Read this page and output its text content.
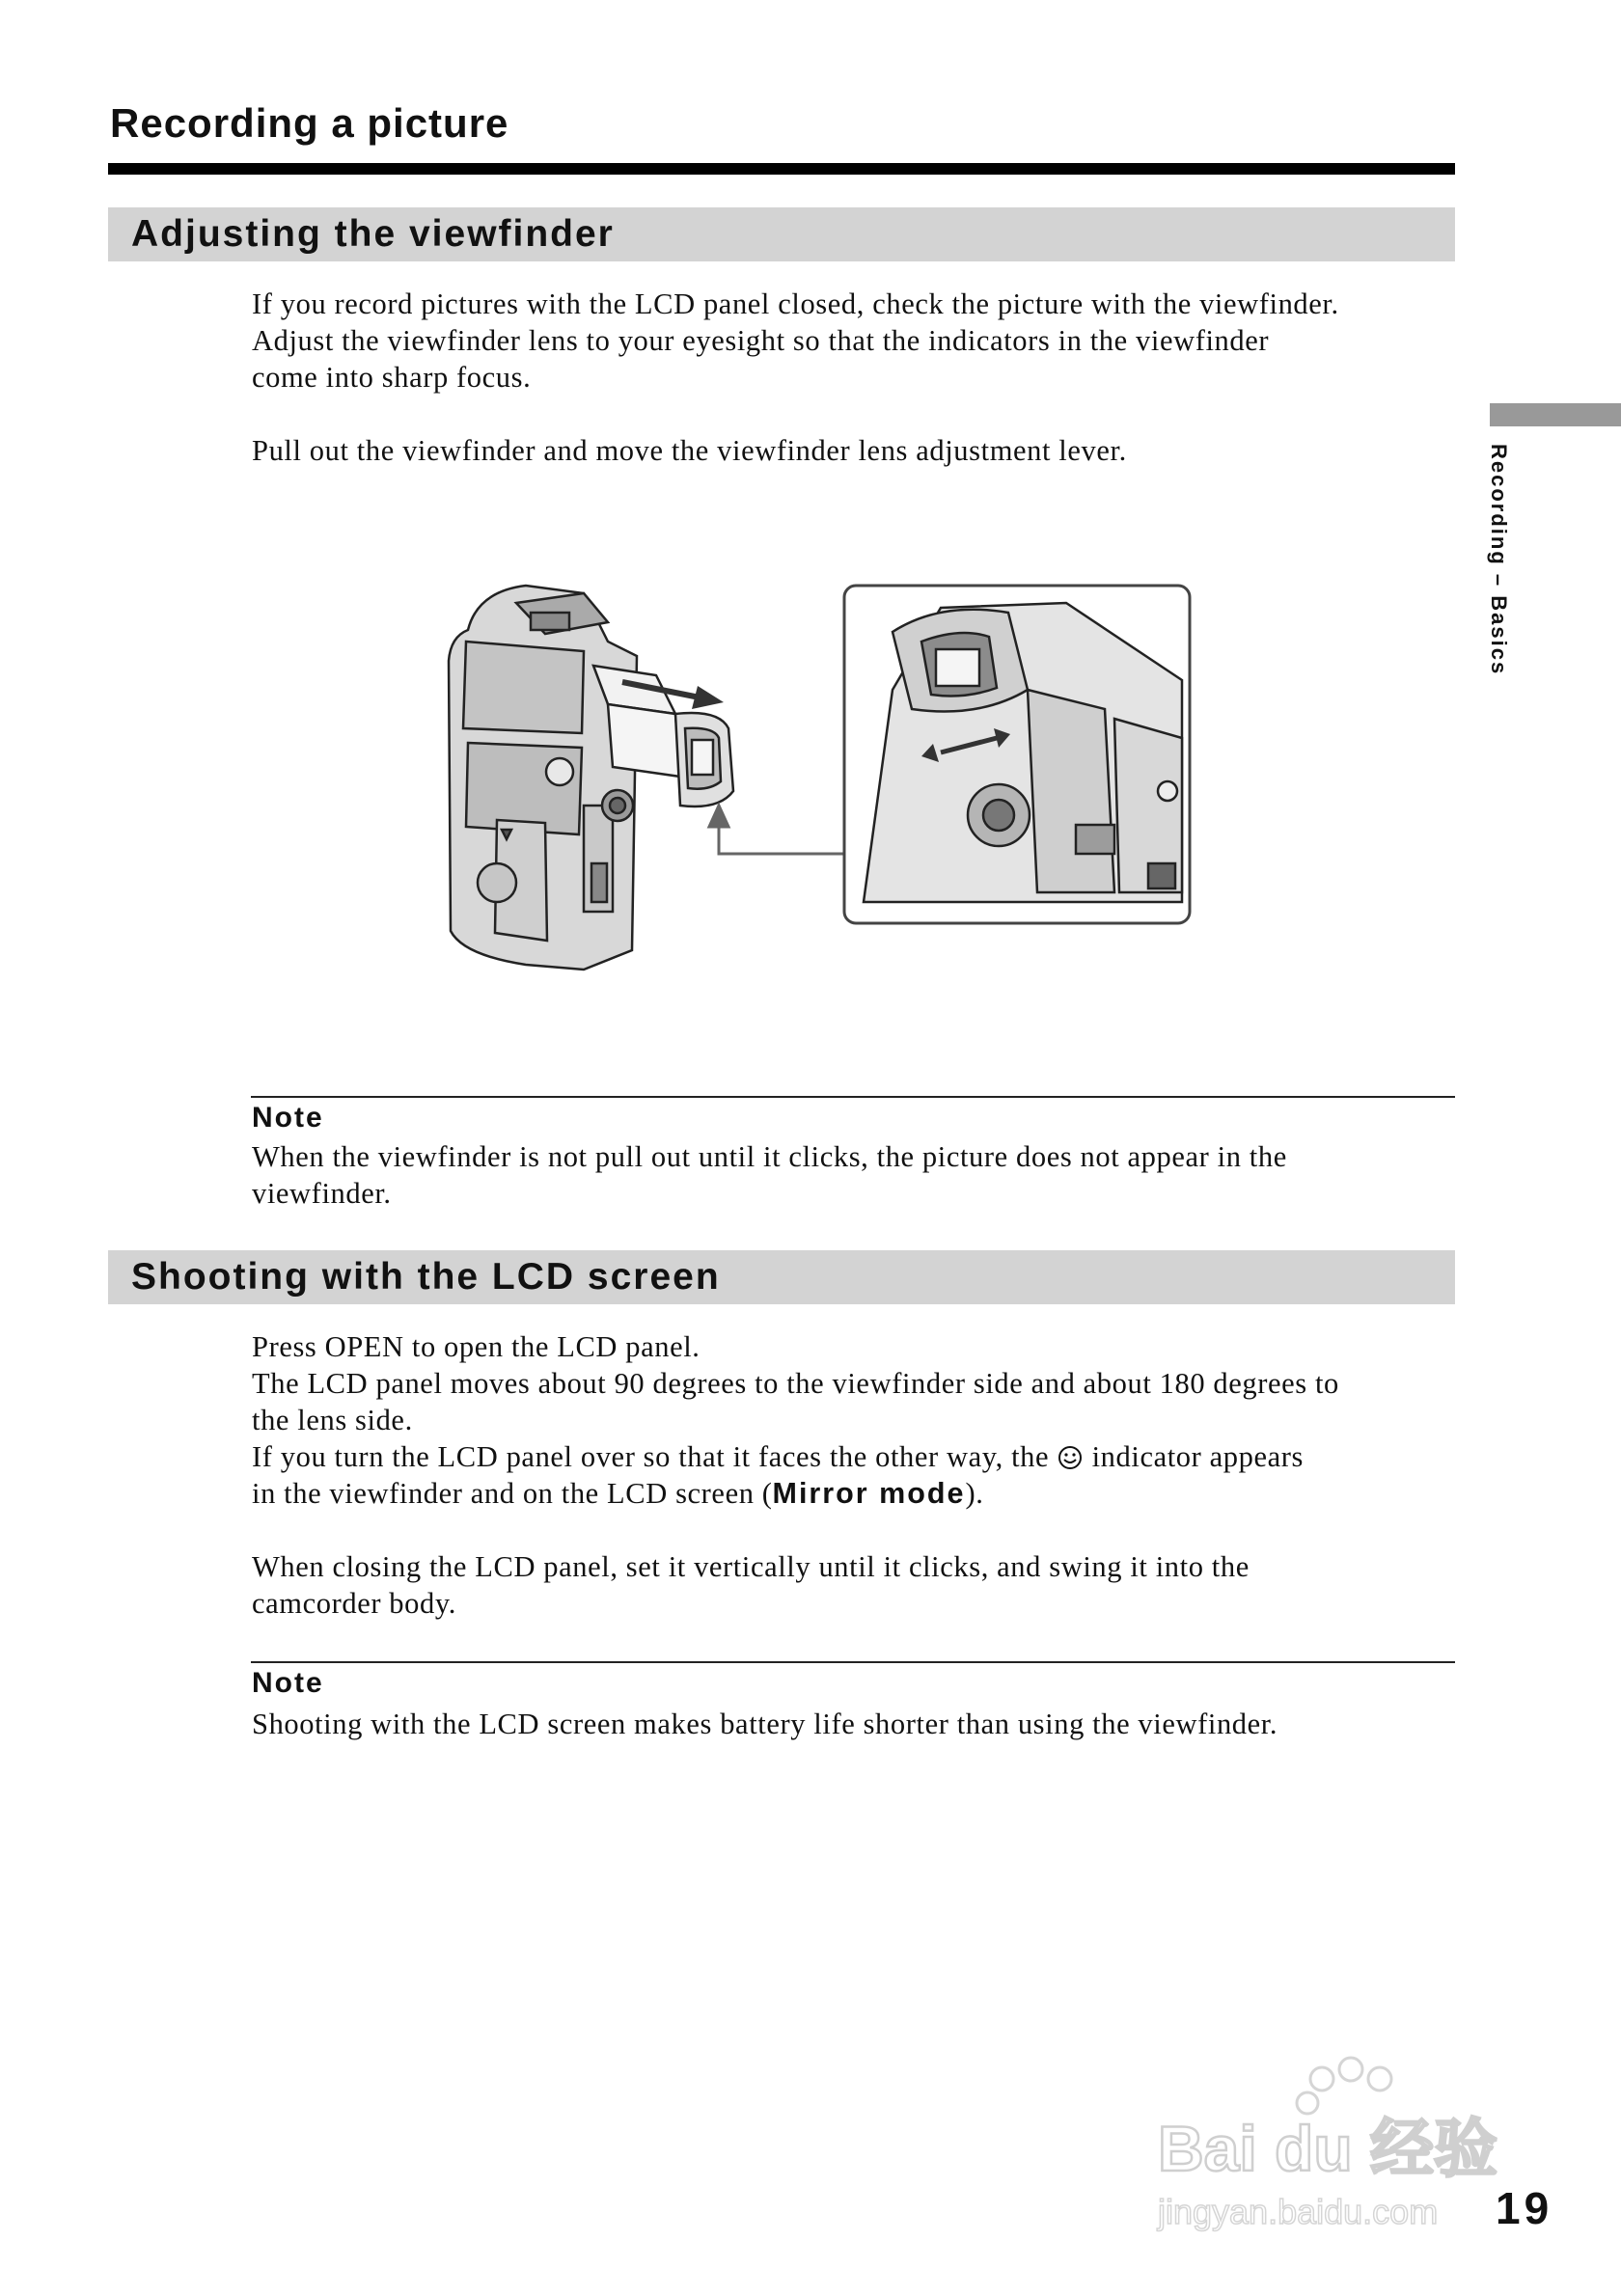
Recording a picture
Recording – Basics
Adjusting the viewfinder

If you record pictures with the LCD panel closed, check the picture with the viewfinder.

Adjust the viewfinder lens to your eyesight so that the indicators in the viewfinder

come into sharp focus.

Pull out the viewfinder and move the viewfinder lens adjustment lever.

Note

When the viewfinder is not pull out until it clicks, the picture does not appear in the

viewfinder.

Shooting with the LCD screen

Press OPEN to open the LCD panel.

The LCD panel moves about 90 degrees to the viewfinder side and about 180 degrees to

the lens side.

If you turn the LCD panel over so that it faces the other way, the  indicator appears

in the viewfinder and on the LCD screen (Mirror mode).

When closing the LCD panel, set it vertically until it clicks, and swing it into the

camcorder body.

Note

Shooting with the LCD screen makes battery life shorter than using the viewfinder.

Bai du 经验
jingyan.baidu.com 19
